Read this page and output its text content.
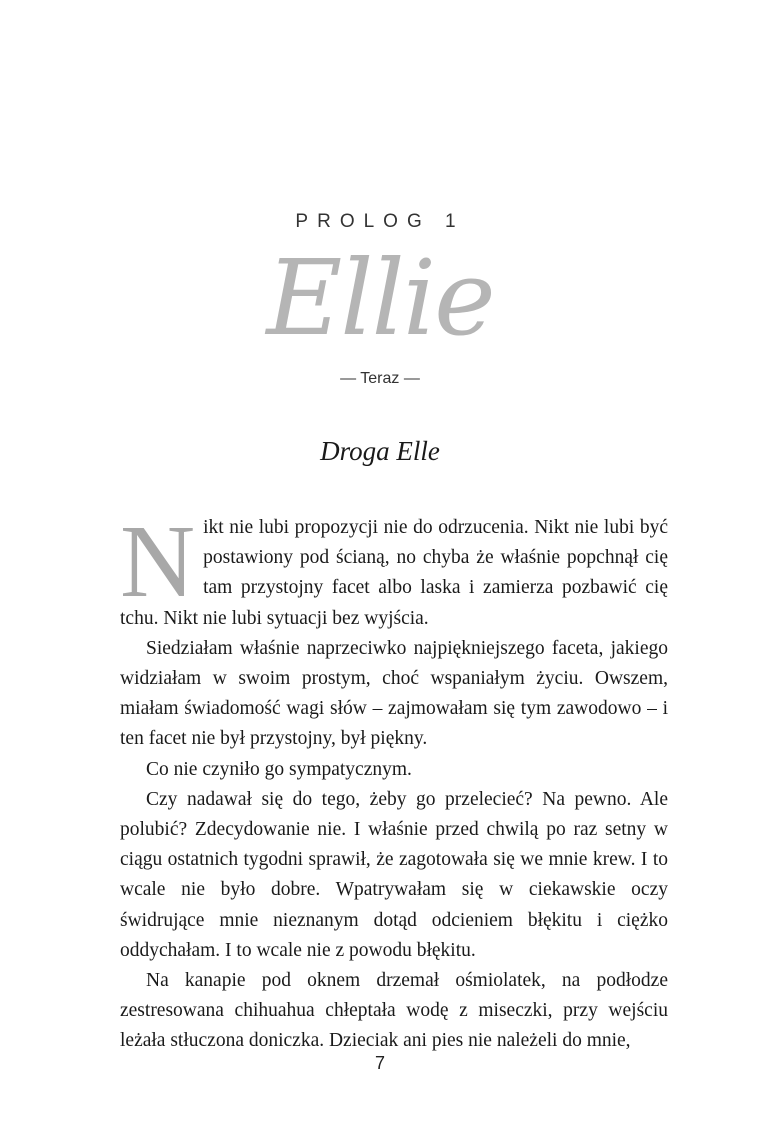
PROLOG 1
Ellie
— Teraz —
Droga Elle

Nikt nie lubi propozycji nie do odrzucenia. Nikt nie lubi być postawiony pod ścianą, no chyba że właśnie popchnął cię tam przystojny facet albo laska i zamierza pozbawić cię tchu. Nikt nie lubi sytuacji bez wyjścia.

Siedziałam właśnie naprzeciwko najpiękniejszego faceta, jakiego widziałam w swoim prostym, choć wspaniałym życiu. Owszem, miałam świadomość wagi słów – zajmowałam się tym zawodowo – i ten facet nie był przystojny, był piękny.

Co nie czyniło go sympatycznym.

Czy nadawał się do tego, żeby go przelecieć? Na pewno. Ale polubić? Zdecydowanie nie. I właśnie przed chwilą po raz setny w ciągu ostatnich tygodni sprawił, że zagotowała się we mnie krew. I to wcale nie było dobre. Wpatrywałam się w ciekawskie oczy świdrujące mnie nieznanym dotąd odcieniem błękitu i ciężko oddychałam. I to wcale nie z powodu błękitu.

Na kanapie pod oknem drzemał ośmiolatek, na podłodze zestresowana chihuahua chłeptała wodę z miseczki, przy wejściu leżała stłuczona doniczka. Dzieciak ani pies nie należeli do mnie,

7
